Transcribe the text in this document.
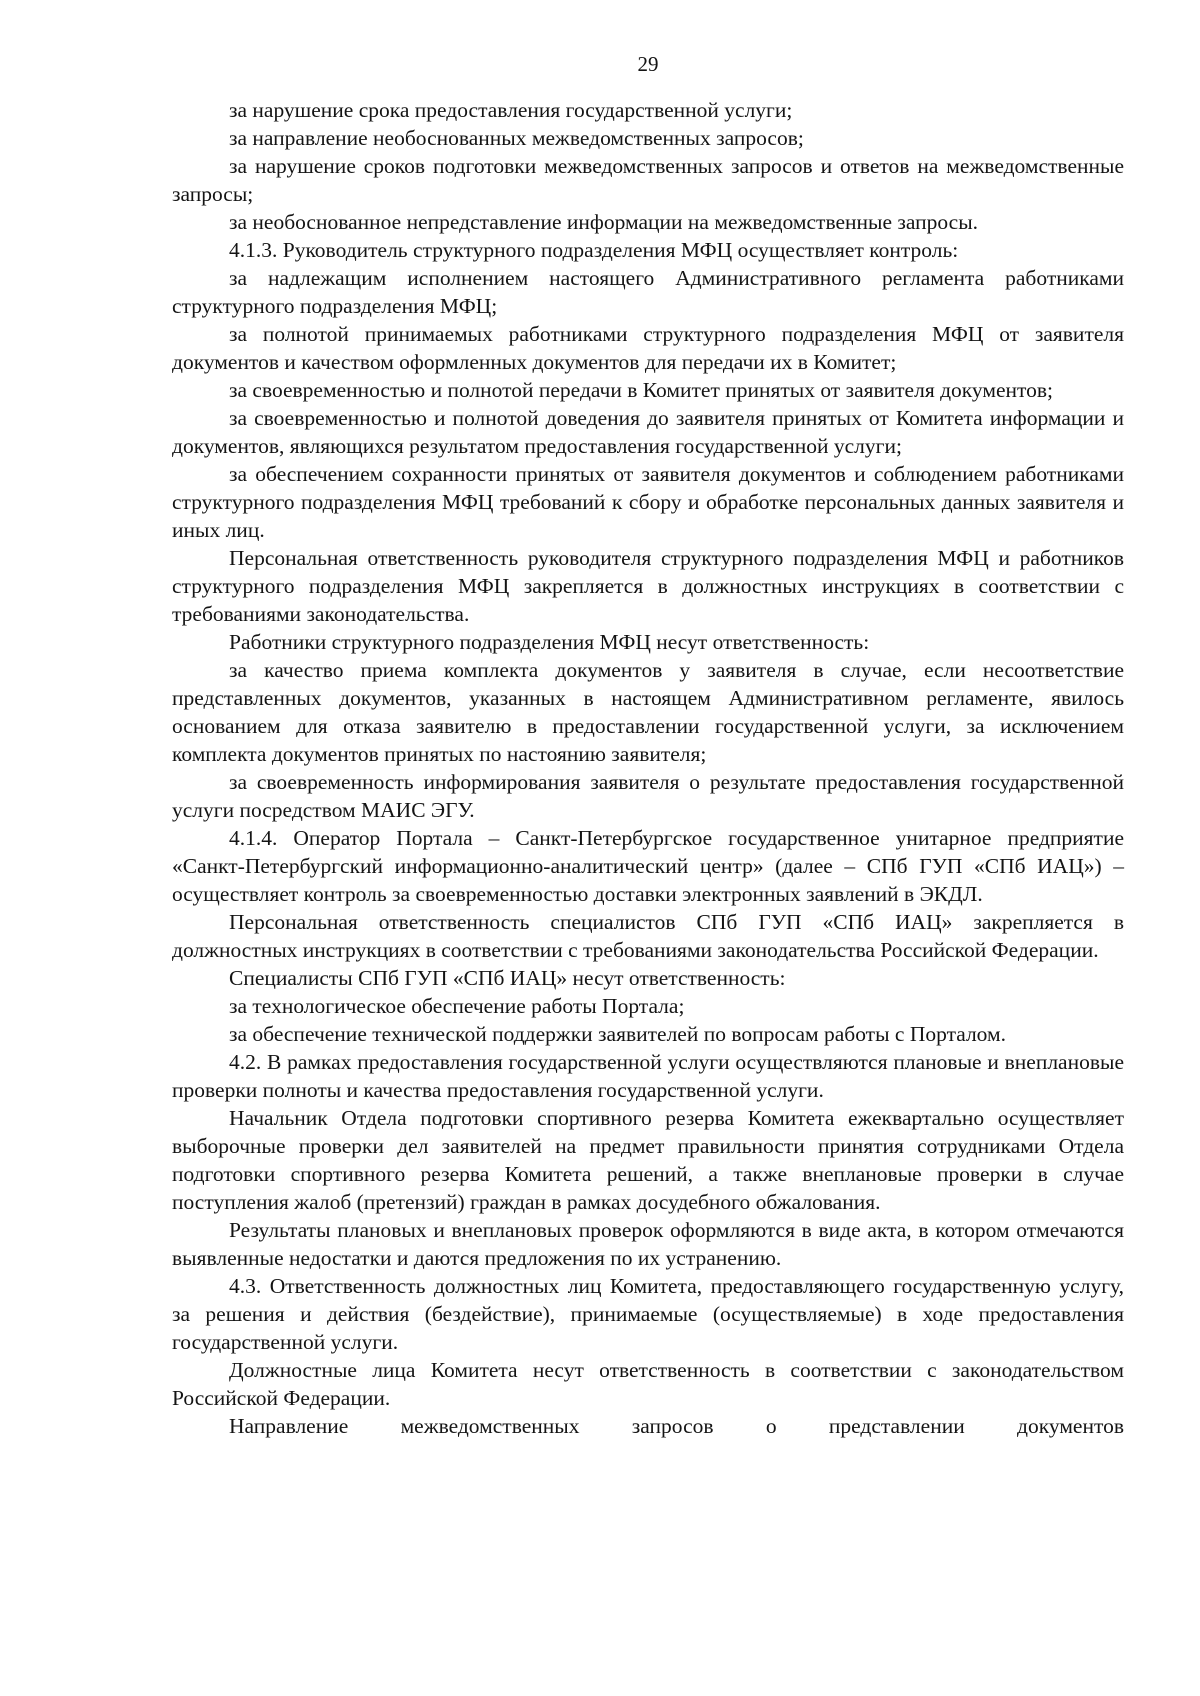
29

за нарушение срока предоставления государственной услуги;

за направление необоснованных межведомственных запросов;

за нарушение сроков подготовки межведомственных запросов и ответов на межведомственные запросы;

за необоснованное непредставление информации на межведомственные запросы.

4.1.3. Руководитель структурного подразделения МФЦ осуществляет контроль:

за надлежащим исполнением настоящего Административного регламента работниками структурного подразделения МФЦ;

за полнотой принимаемых работниками структурного подразделения МФЦ от заявителя документов и качеством оформленных документов для передачи их в Комитет;

за своевременностью и полнотой передачи в Комитет принятых от заявителя документов;

за своевременностью и полнотой доведения до заявителя принятых от Комитета информации и документов, являющихся результатом предоставления государственной услуги;

за обеспечением сохранности принятых от заявителя документов и соблюдением работниками структурного подразделения МФЦ требований к сбору и обработке персональных данных заявителя и иных лиц.

Персональная ответственность руководителя структурного подразделения МФЦ и работников структурного подразделения МФЦ закрепляется в должностных инструкциях в соответствии с требованиями законодательства.

Работники структурного подразделения МФЦ несут ответственность:

за качество приема комплекта документов у заявителя в случае, если несоответствие представленных документов, указанных в настоящем Административном регламенте, явилось основанием для отказа заявителю в предоставлении государственной услуги, за исключением комплекта документов принятых по настоянию заявителя;

за своевременность информирования заявителя о результате предоставления государственной услуги посредством МАИС ЭГУ.

4.1.4. Оператор Портала – Санкт-Петербургское государственное унитарное предприятие «Санкт-Петербургский информационно-аналитический центр» (далее – СПб ГУП «СПб ИАЦ») – осуществляет контроль за своевременностью доставки электронных заявлений в ЭКДЛ.

Персональная ответственность специалистов СПб ГУП «СПб ИАЦ» закрепляется в должностных инструкциях в соответствии с требованиями законодательства Российской Федерации.

Специалисты СПб ГУП «СПб ИАЦ» несут ответственность:

за технологическое обеспечение работы Портала;

за обеспечение технической поддержки заявителей по вопросам работы с Порталом.

4.2. В рамках предоставления государственной услуги осуществляются плановые и внеплановые проверки полноты и качества предоставления государственной услуги.

Начальник Отдела подготовки спортивного резерва Комитета ежеквартально осуществляет выборочные проверки дел заявителей на предмет правильности принятия сотрудниками Отдела подготовки спортивного резерва Комитета решений, а также внеплановые проверки в случае поступления жалоб (претензий) граждан в рамках досудебного обжалования.

Результаты плановых и внеплановых проверок оформляются в виде акта, в котором отмечаются выявленные недостатки и даются предложения по их устранению.

4.3. Ответственность должностных лиц Комитета, предоставляющего государственную услугу, за решения и действия (бездействие), принимаемые (осуществляемые) в ходе предоставления государственной услуги.

Должностные лица Комитета несут ответственность в соответствии с законодательством Российской Федерации.

Направление межведомственных запросов о представлении документов
